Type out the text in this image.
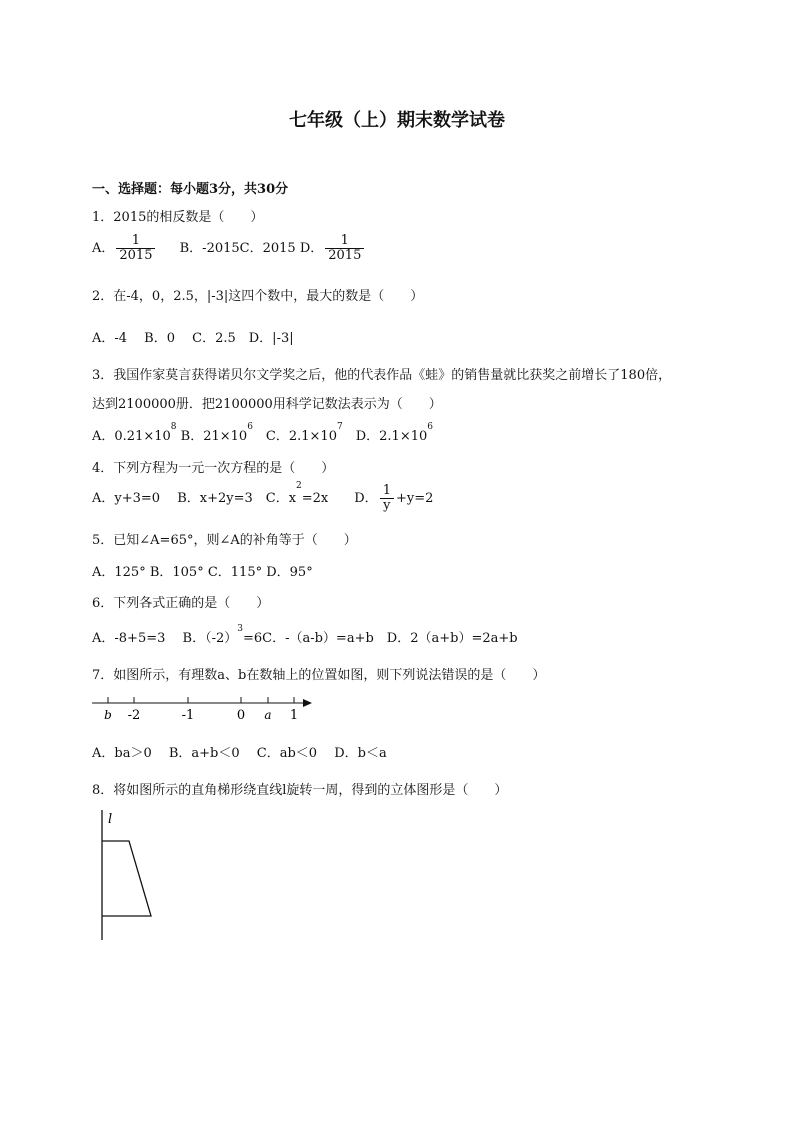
七年级（上）期末数学试卷
一、选择题：每小题3分，共30分
1．2015的相反数是（　　）
A． $\frac{1}{2015}$ B．-2015C．2015 D． $\frac{1}{2015}$
2．在-4，0，2.5，|-3|这四个数中，最大的数是（　　）
A．-4　 B．0　 C．2.5　D．|-3|
3．我国作家莫言获得诺贝尔文学奖之后，他的代表作品《蛙》的销售量就比获奖之前增长了180倍，
达到2100000册．把2100000用科学记数法表示为（　　）
A．$0.21\times 10^8$ B．$21\times 10^6$　C．$2.1\times 10^7$　D．$2.1\times 10^6$
4．下列方程为一元一次方程的是（　　）
A．y+3=0　 B．x+2y=3　C．$x^2=2x$　　D． $\frac{1}{y} +y=2$
5．已知∠A=65°，则∠A的补角等于（　　）
A．125° B．105° C．115° D．95°
6．下列各式正确的是（　　）
A．-8+5=3　 B．$(-2)^3=6C$．-（a-b）=a+b　D．2（a+b）=2a+b
7．如图所示，有理数a、b在数轴上的位置如图，则下列说法错误的是（　　）
b -2	-1	0 a 1
A．ba＞0　 B．a+b＜0　 C．ab＜0　 D．b＜a
8．将如图所示的直角梯形绕直线l旋转一周，得到的立体图形是（　　）
l
